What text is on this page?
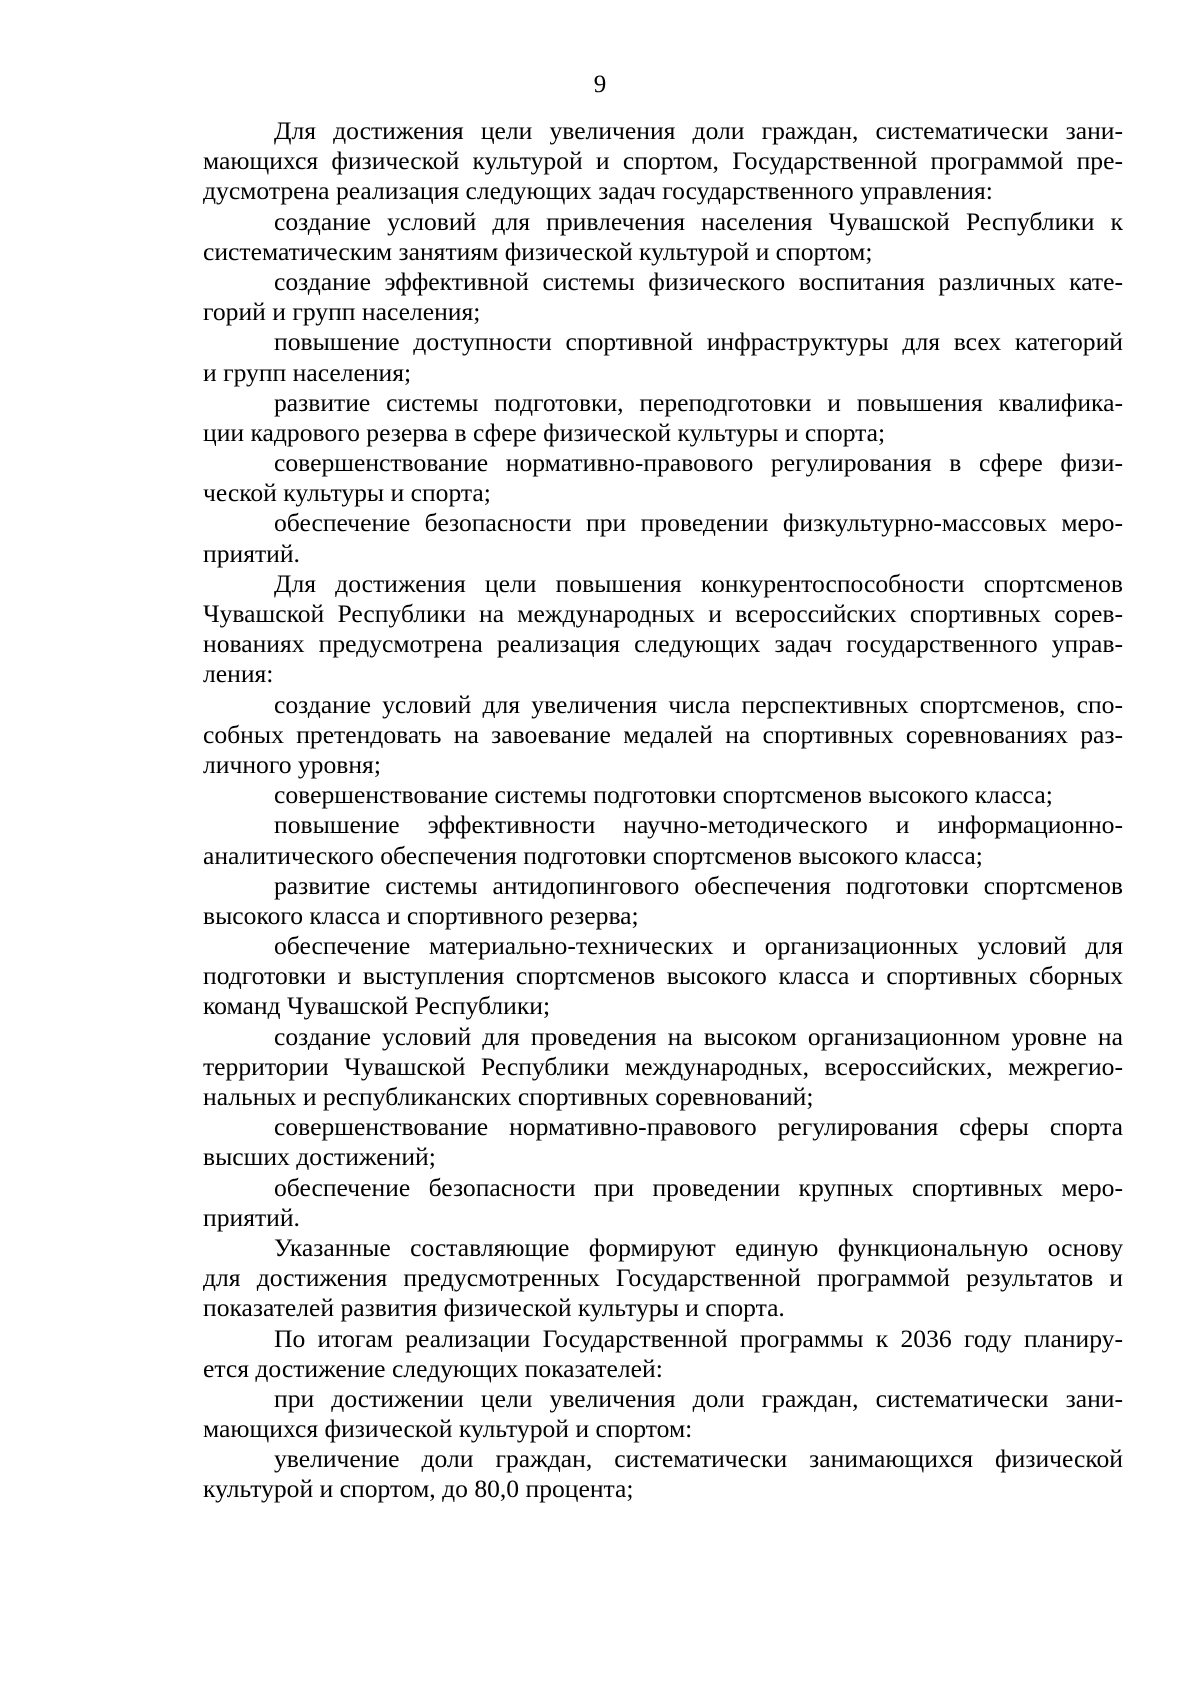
9
Для достижения цели увеличения доли граждан, систематически зани-
мающихся физической культурой и спортом, Государственной программой пре-
дусмотрена реализация следующих задач государственного управления:
создание условий для привлечения населения Чувашской Республики к
систематическим занятиям физической культурой и спортом;
создание эффективной системы физического воспитания различных кате-
горий и групп населения;
повышение доступности спортивной инфраструктуры для всех категорий
и групп населения;
развитие системы подготовки, переподготовки и повышения квалифика-
ции кадрового резерва в сфере физической культуры и спорта;
совершенствование нормативно-правового регулирования в сфере физи-
ческой культуры и спорта;
обеспечение безопасности при проведении физкультурно-массовых меро-
приятий.
Для достижения цели повышения конкурентоспособности спортсменов
Чувашской Республики на международных и всероссийских спортивных сорев-
нованиях предусмотрена реализация следующих задач государственного управ-
ления:
создание условий для увеличения числа перспективных спортсменов, спо-
собных претендовать на завоевание медалей на спортивных соревнованиях раз-
личного уровня;
совершенствование системы подготовки спортсменов высокого класса;
повышение эффективности научно-методического и информационно-
аналитического обеспечения подготовки спортсменов высокого класса;
развитие системы антидопингового обеспечения подготовки спортсменов
высокого класса и спортивного резерва;
обеспечение материально-технических и организационных условий для
подготовки и выступления спортсменов высокого класса и спортивных сборных
команд Чувашской Республики;
создание условий для проведения на высоком организационном уровне на
территории Чувашской Республики международных, всероссийских, межрегио-
нальных и республиканских спортивных соревнований;
совершенствование нормативно-правового регулирования сферы спорта
высших достижений;
обеспечение безопасности при проведении крупных спортивных меро-
приятий.
Указанные составляющие формируют единую функциональную основу
для достижения предусмотренных Государственной программой результатов и
показателей развития физической культуры и спорта.
По итогам реализации Государственной программы к 2036 году планиру-
ется достижение следующих показателей:
при достижении цели увеличения доли граждан, систематически зани-
мающихся физической культурой и спортом:
увеличение доли граждан, систематически занимающихся физической
культурой и спортом, до 80,0 процента;
